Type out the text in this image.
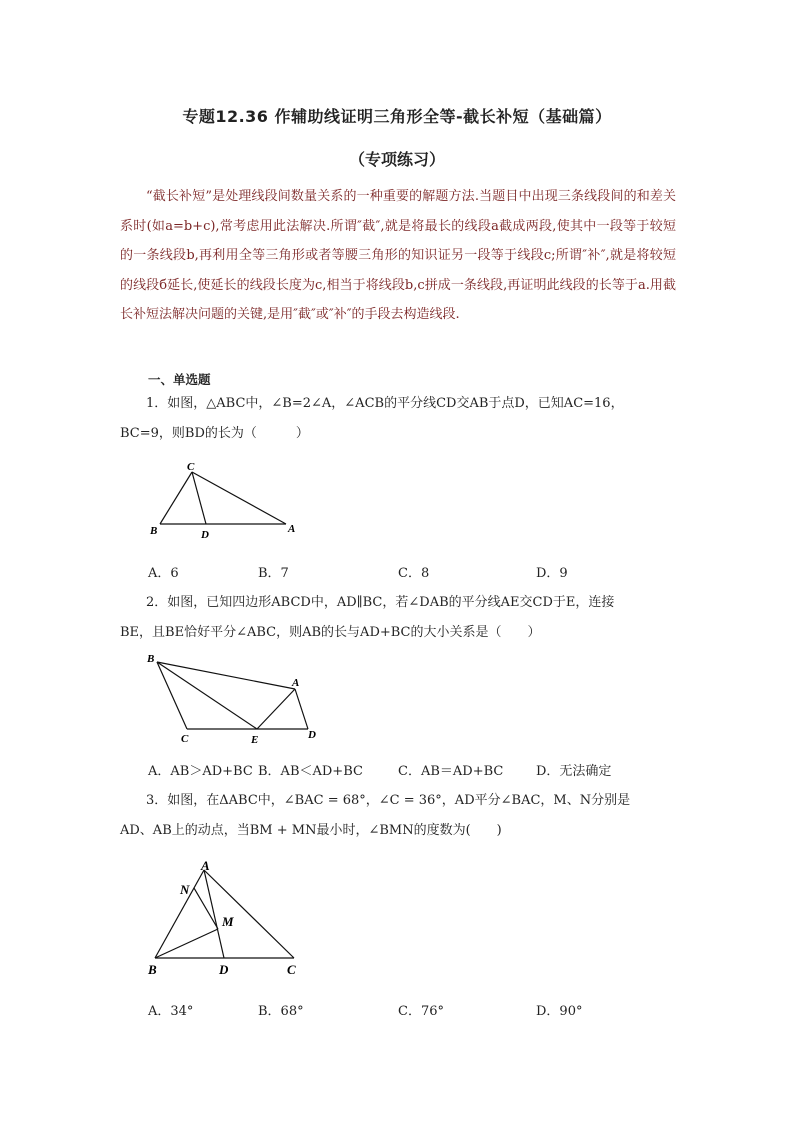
专题12.36 作辅助线证明三角形全等-截长补短（基础篇）
（专项练习）
“截长补短”是处理线段间数量关系的一种重要的解题方法.当题目中出现三条线段间的和差关系时(如a=b+c),常考虑用此法解决.所谓″截″,就是将最长的线段a截成两段,使其中一段等于较短的一条线段b,再利用全等三角形或者等腰三角形的知识证另一段等于线段c;所谓″补″,就是将较短的线段б延长,使延长的线段长度为c,相当于将线段b,c拼成一条线段,再证明此线段的长等于a.用截长补短法解决问题的关键,是用″截″或″补″的手段去构造线段.
一、单选题
1．如图，△ABC中，∠B=2∠A，∠ACB的平分线CD交AB于点D，已知AC=16，
BC=9，则BD的长为（　　　）
C
B	D	A
A．6	B．7	C．8	D．9
2．如图，已知四边形ABCD中，AD∥BC，若∠DAB的平分线AE交CD于E，连接
BE，且BE恰好平分∠ABC，则AB的长与AD+BC的大小关系是（　　）
B
A
C	E	D
A．AB＞AD+BC B．AB＜AD+BC	C．AB＝AD+BC	D．无法确定
3．如图，在ΔABC中，∠BAC = 68°，∠C = 36°，AD平分∠BAC，M、N分别是
AD、AB上的动点，当BM + MN最小时，∠BMN的度数为(　　)
A
N
M
B	D	C
A．34°	B．68°	C．76°	D．90°
